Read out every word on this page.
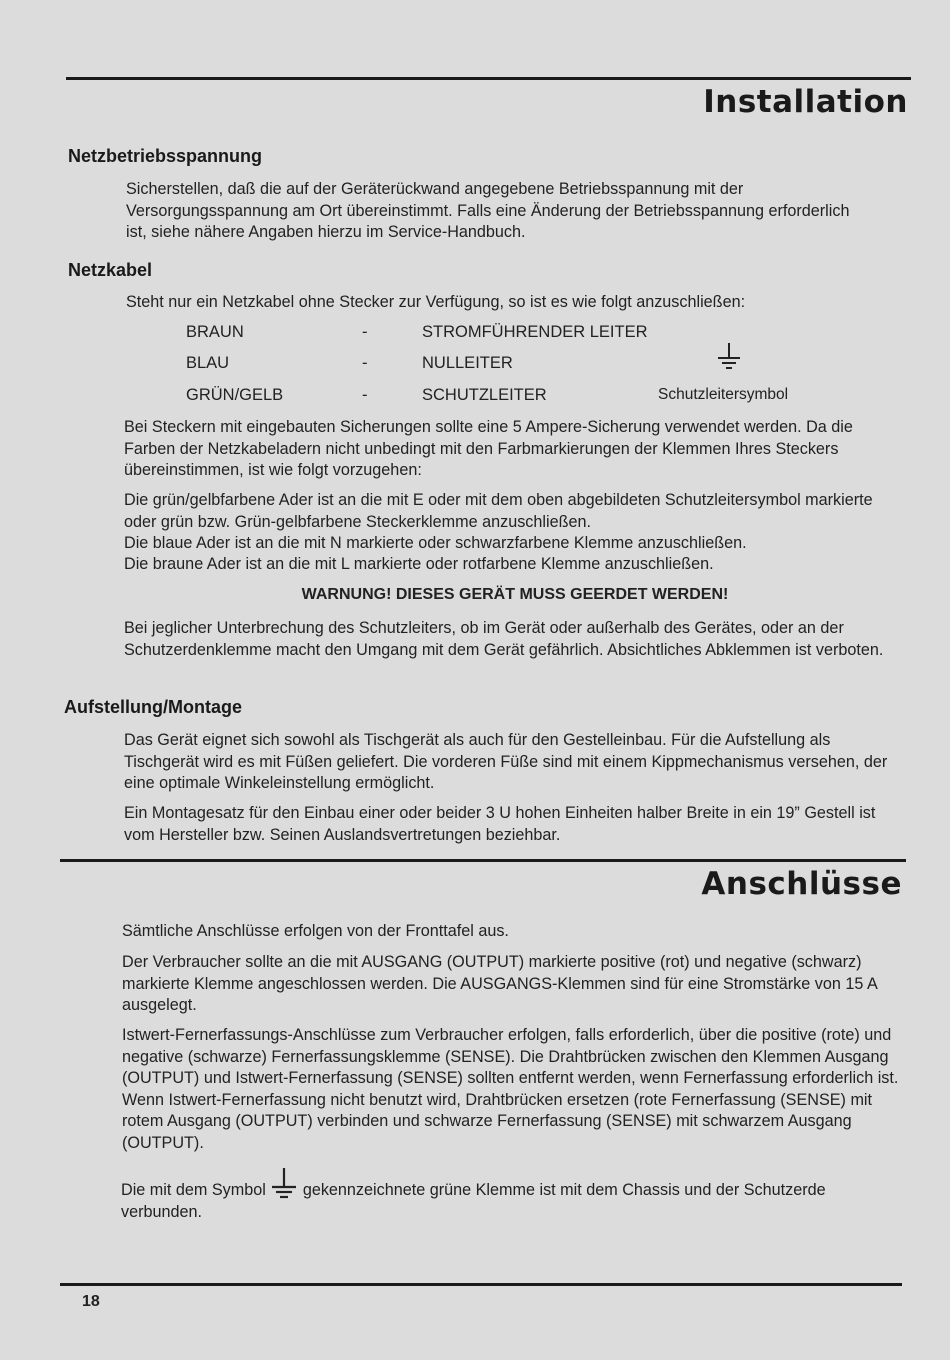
Installation
Netzbetriebsspannung

Sicherstellen, daß die auf der Geräterückwand angegebene Betriebsspannung mit der Versorgungsspannung am Ort übereinstimmt. Falls eine Änderung der Betriebsspannung erforderlich ist, siehe nähere Angaben hierzu im Service-Handbuch.

Netzkabel

Steht nur ein Netzkabel ohne Stecker zur Verfügung, so ist es wie folgt anzuschließen:

BRAUN	-	STROMFÜHRENDER LEITER
BLAU	-	NULLEITER
GRÜN/GELB	-	SCHUTZLEITER	Schutzleitersymbol

Bei Steckern mit eingebauten Sicherungen sollte eine 5 Ampere-Sicherung verwendet werden. Da die Farben der Netzkabeladern nicht unbedingt mit den Farbmarkierungen der Klemmen Ihres Steckers übereinstimmen, ist wie folgt vorzugehen:

Die grün/gelbfarbene Ader ist an die mit E oder mit dem oben abgebildeten Schutzleitersymbol markierte oder grün bzw. Grün-gelbfarbene Steckerklemme anzuschließen.

Die blaue Ader ist an die mit N markierte oder schwarzfarbene Klemme anzuschließen.

Die braune Ader ist an die mit L markierte oder rotfarbene Klemme anzuschließen.

WARNUNG! DIESES GERÄT MUSS GEERDET WERDEN!

Bei jeglicher Unterbrechung des Schutzleiters, ob im Gerät oder außerhalb des Gerätes, oder an der Schutzerdenklemme macht den Umgang mit dem Gerät gefährlich. Absichtliches Abklemmen ist verboten.

Aufstellung/Montage

Das Gerät eignet sich sowohl als Tischgerät als auch für den Gestelleinbau. Für die Aufstellung als Tischgerät wird es mit Füßen geliefert. Die vorderen Füße sind mit einem Kippmechanismus versehen, der eine optimale Winkeleinstellung ermöglicht.

Ein Montagesatz für den Einbau einer oder beider 3 U hohen Einheiten halber Breite in ein 19” Gestell ist vom Hersteller bzw. Seinen Auslandsvertretungen beziehbar.

Anschlüsse

Sämtliche Anschlüsse erfolgen von der Fronttafel aus.

Der Verbraucher sollte an die mit AUSGANG (OUTPUT) markierte positive (rot) und negative (schwarz) markierte Klemme angeschlossen werden. Die AUSGANGS-Klemmen sind für eine Stromstärke von 15 A ausgelegt.

Istwert-Fernerfassungs-Anschlüsse zum Verbraucher erfolgen, falls erforderlich, über die positive (rote) und negative (schwarze) Fernerfassungsklemme (SENSE). Die Drahtbrücken zwischen den Klemmen Ausgang (OUTPUT) und Istwert-Fernerfassung (SENSE) sollten entfernt werden, wenn Fernerfassung erforderlich ist. Wenn Istwert-Fernerfassung nicht benutzt wird, Drahtbrücken ersetzen (rote Fernerfassung (SENSE) mit rotem Ausgang (OUTPUT) verbinden und schwarze Fernerfassung (SENSE) mit schwarzem Ausgang (OUTPUT).

Die mit dem Symbol gekennzeichnete grüne Klemme ist mit dem Chassis und der Schutzerde verbunden.

18
